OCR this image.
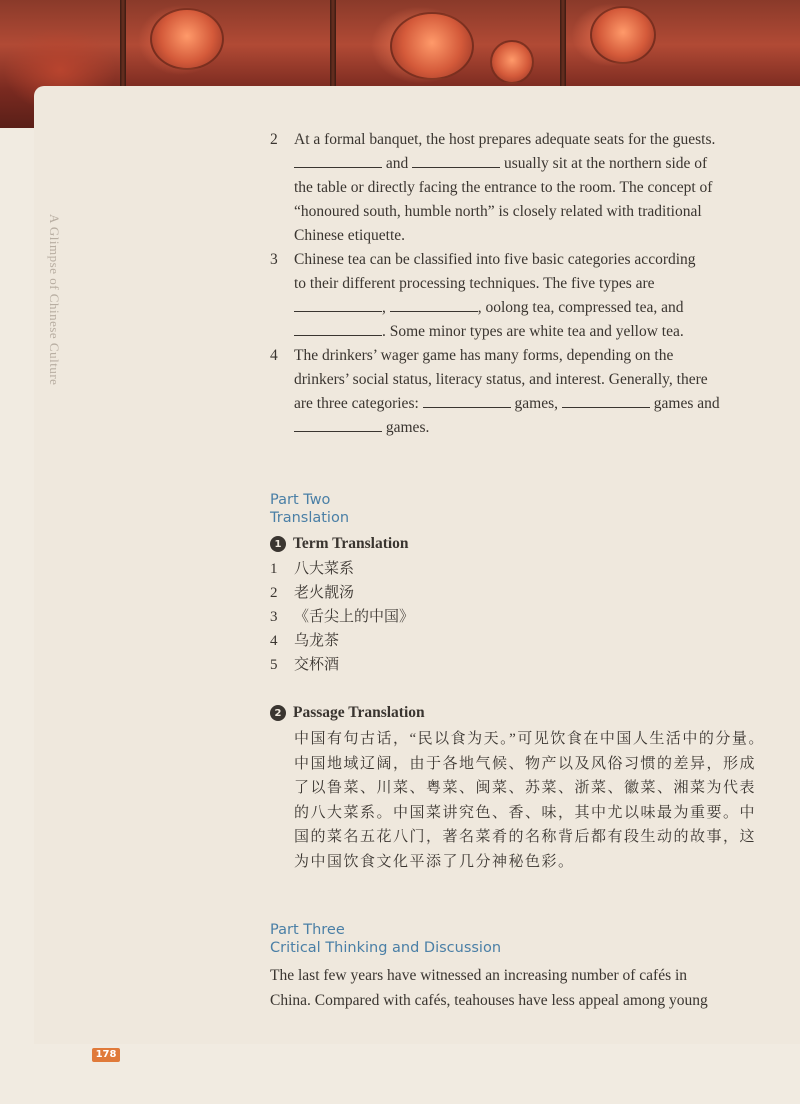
A Glimpse of Chinese Culture
2 At a formal banquet, the host prepares adequate seats for the guests.
and	usually sit at the northern side of
the table or directly facing the entrance to the room. The concept of
“honoured south, humble north” is closely related with traditional
Chinese etiquette.
3 Chinese tea can be classified into five basic categories according
to their different processing techniques. The five types are
,	, oolong tea, compressed tea, and
. Some minor types are white tea and yellow tea.
4 The drinkers’ wager game has many forms, depending on the
drinkers’ social status, literacy status, and interest. Generally, there
are three categories:	games,	games and
games.
Part Two
Translation
1 Term Translation
1 八大菜系
2 老火靓汤
3 《舌尖上的中国》
4 乌龙茶
5 交杯酒
2 Passage Translation
中国有句古话，“民以食为天。”可见饮食在中国人生活中的分量。中国地域辽阔，由于各地气候、物产以及风俗习惯的差异，形成了以鲁菜、川菜、粤菜、闽菜、苏菜、浙菜、徽菜、湘菜为代表的八大菜系。中国菜讲究色、香、味，其中尤以味最为重要。中国的菜名五花八门，著名菜肴的名称背后都有段生动的故事，这为中国饮食文化平添了几分神秘色彩。
Part Three
Critical Thinking and Discussion
The last few years have witnessed an increasing number of cafés in
China. Compared with cafés, teahouses have less appeal among young
178
